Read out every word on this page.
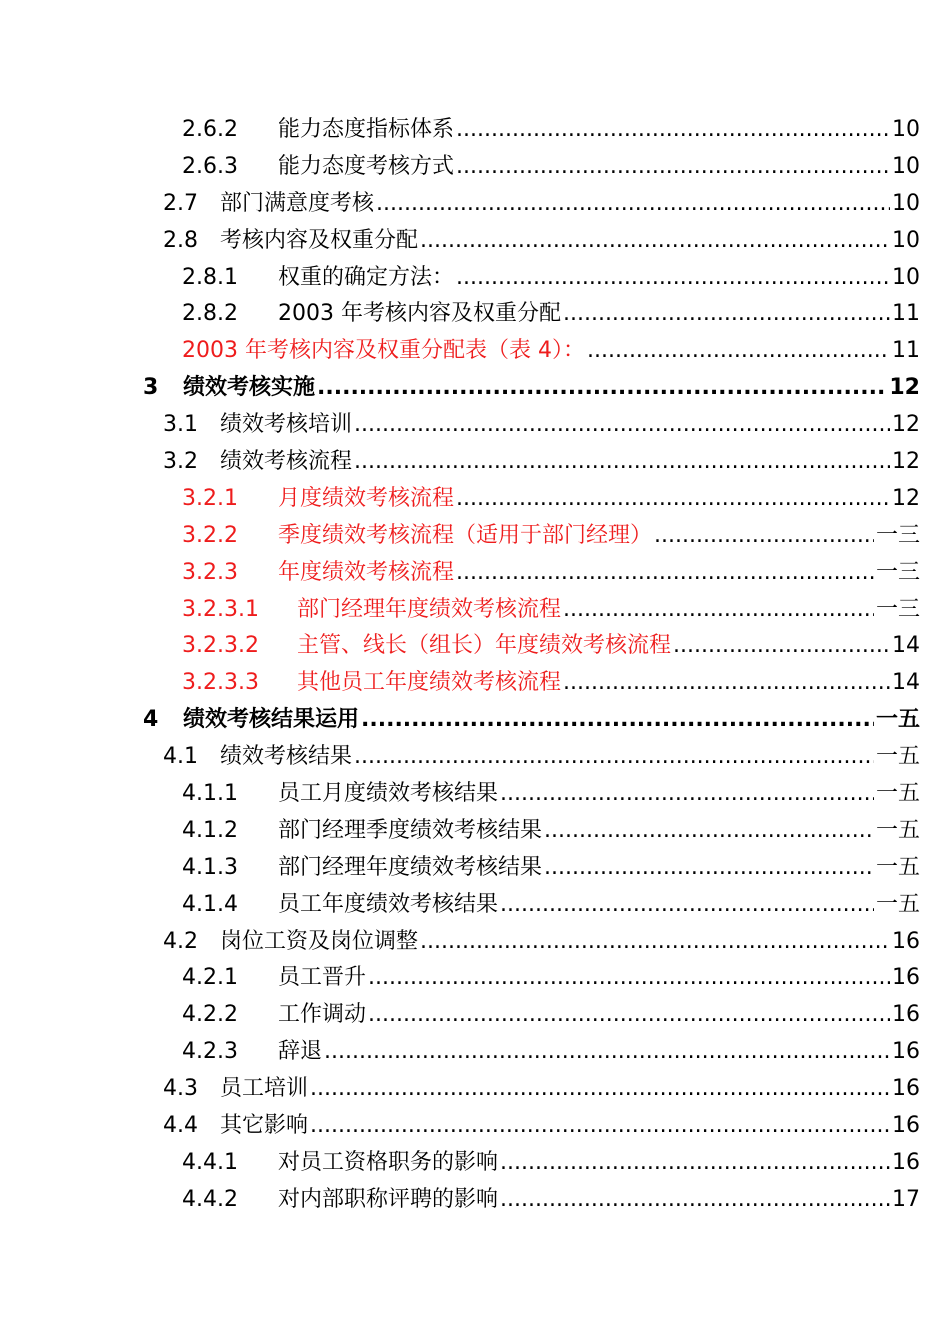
2.6.2	能力态度指标体系 .....	10
2.6.3	能力态度考核方式 .....	10
2.7	部门满意度考核 .....	10
2.8	考核内容及权重分配 .....	10
2.8.1	权重的确定方法： .....	10
2.8.2	2003 年考核内容及权重分配 .....	11
2003 年考核内容及权重分配表（表 4）： .....	11
3	绩效考核实施 .....	12
3.1	绩效考核培训 .....	12
3.2	绩效考核流程 .....	12
3.2.1	月度绩效考核流程 .....	12
3.2.2	季度绩效考核流程（适用于部门经理） .....	一三
3.2.3	年度绩效考核流程 .....	一三
3.2.3.1	部门经理年度绩效考核流程 .....	一三
3.2.3.2	主管、线长（组长）年度绩效考核流程 .....	14
3.2.3.3	其他员工年度绩效考核流程 .....	14
4	绩效考核结果运用 .....	一五
4.1	绩效考核结果 .....	一五
4.1.1	员工月度绩效考核结果 .....	一五
4.1.2	部门经理季度绩效考核结果 .....	一五
4.1.3	部门经理年度绩效考核结果 .....	一五
4.1.4	员工年度绩效考核结果 .....	一五
4.2	岗位工资及岗位调整 .....	16
4.2.1	员工晋升 .....	16
4.2.2	工作调动 .....	16
4.2.3	辞退 .....	16
4.3	员工培训 .....	16
4.4	其它影响 .....	16
4.4.1	对员工资格职务的影响 .....	16
4.4.2	对内部职称评聘的影响 .....	17
